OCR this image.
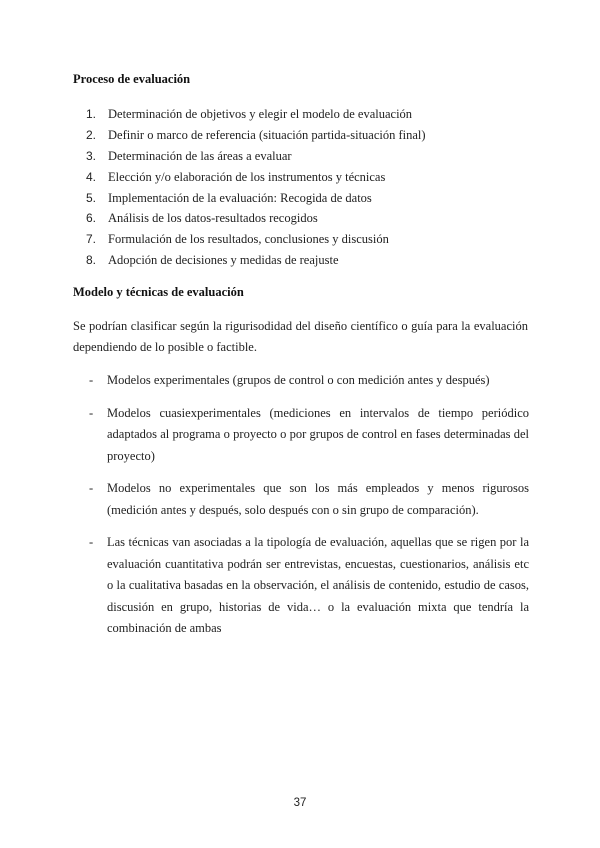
Proceso de evaluación

1. Determinación de objetivos y elegir el modelo de evaluación
2. Definir o marco de referencia (situación partida-situación final)
3. Determinación de las áreas a evaluar
4. Elección y/o elaboración de los instrumentos y técnicas
5. Implementación de la evaluación: Recogida de datos
6. Análisis de los datos-resultados recogidos
7. Formulación de los resultados, conclusiones y discusión
8. Adopción de decisiones y medidas de reajuste

Modelo y técnicas de evaluación

Se podrían clasificar según la rigurisodidad del diseño científico o guía para la evaluación dependiendo de lo posible o factible.

- Modelos experimentales (grupos de control o con medición antes y después)
- Modelos cuasiexperimentales (mediciones en intervalos de tiempo periódico adaptados al programa o proyecto o por grupos de control en fases determinadas del proyecto)
- Modelos no experimentales que son los más empleados y menos rigurosos (medición antes y después, solo después con o sin grupo de comparación).
- Las técnicas van asociadas a la tipología de evaluación, aquellas que se rigen por la evaluación cuantitativa podrán ser entrevistas, encuestas, cuestionarios, análisis etc o la cualitativa basadas en la observación, el análisis de contenido, estudio de casos, discusión en grupo, historias de vida… o la evaluación mixta que tendría la combinación de ambas
37
